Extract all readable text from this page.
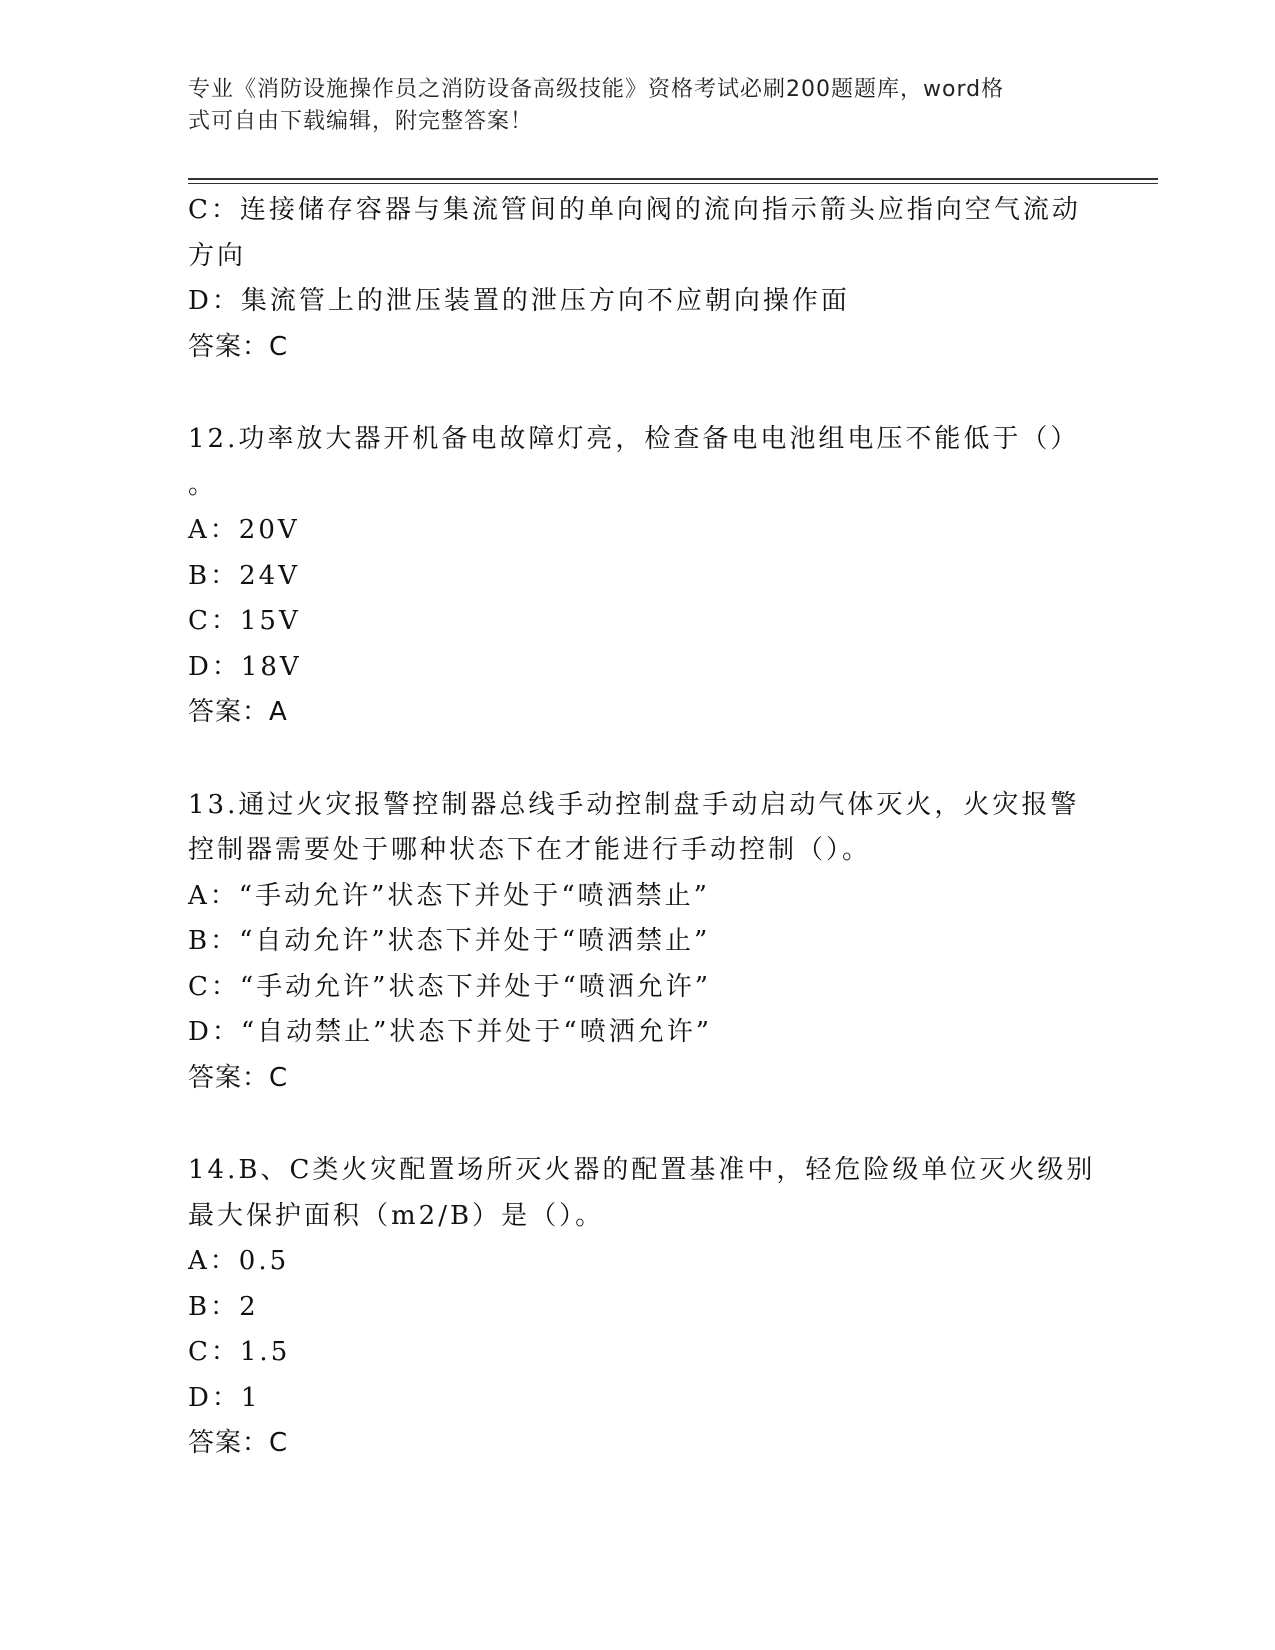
专业《消防设施操作员之消防设备高级技能》资格考试必刷200题题库，word格
式可自由下载编辑，附完整答案！
C：连接储存容器与集流管间的单向阀的流向指示箭头应指向空气流动
方向
D：集流管上的泄压装置的泄压方向不应朝向操作面
答案：C
12.功率放大器开机备电故障灯亮，检查备电电池组电压不能低于（）
。
A：20V
B：24V
C：15V
D：18V
答案：A
13.通过火灾报警控制器总线手动控制盘手动启动气体灭火，火灾报警
控制器需要处于哪种状态下在才能进行手动控制（）。
A：“手动允许”状态下并处于“喷洒禁止”
B：“自动允许”状态下并处于“喷洒禁止”
C：“手动允许”状态下并处于“喷洒允许”
D：“自动禁止”状态下并处于“喷洒允许”
答案：C
14.B、C类火灾配置场所灭火器的配置基准中，轻危险级单位灭火级别
最大保护面积（m2/B）是（）。
A：0.5
B：2
C：1.5
D：1
答案：C
